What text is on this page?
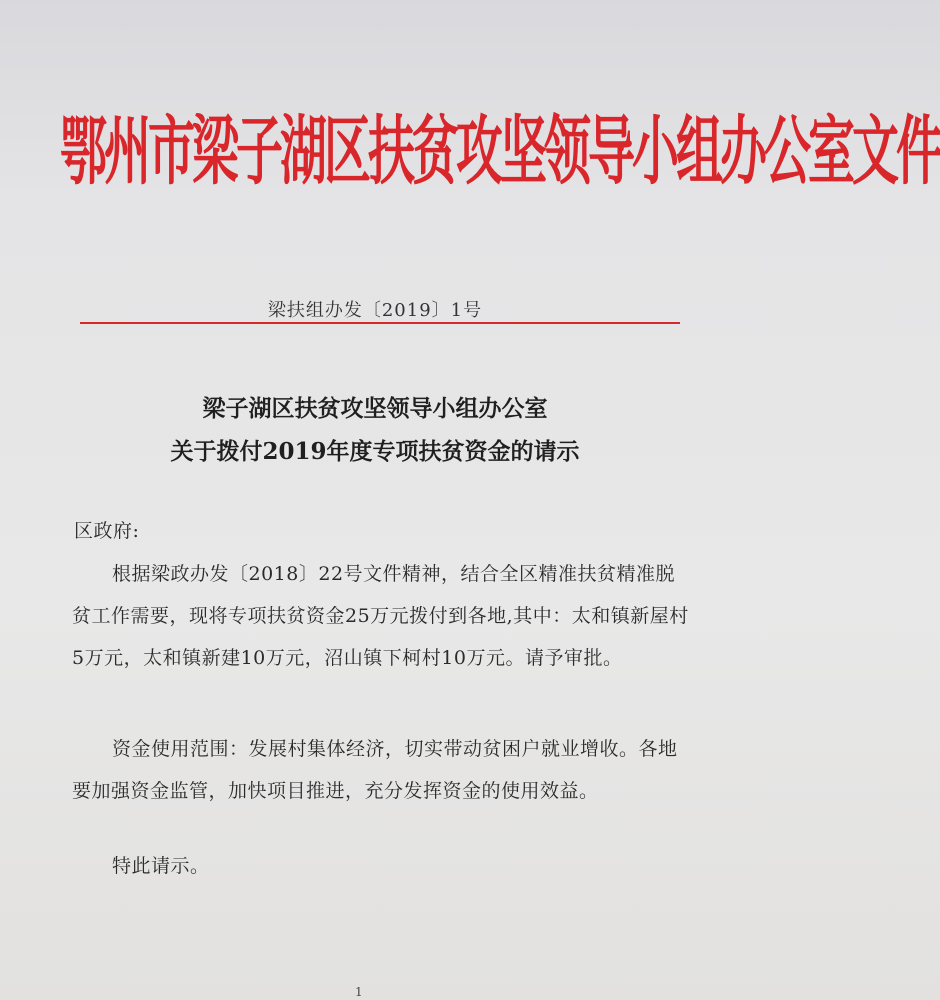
鄂州市梁子湖区扶贫攻坚领导小组办公室文件
梁扶组办发〔2019〕1号
梁子湖区扶贫攻坚领导小组办公室
关于拨付2019年度专项扶贫资金的请示
区政府:
根据梁政办发〔2018〕22号文件精神，结合全区精准扶贫精准脱贫工作需要，现将专项扶贫资金25万元拨付到各地,其中：太和镇新屋村5万元，太和镇新建10万元，沼山镇下柯村10万元。请予审批。
资金使用范围：发展村集体经济，切实带动贫困户就业增收。各地要加强资金监管，加快项目推进，充分发挥资金的使用效益。
特此请示。
1
